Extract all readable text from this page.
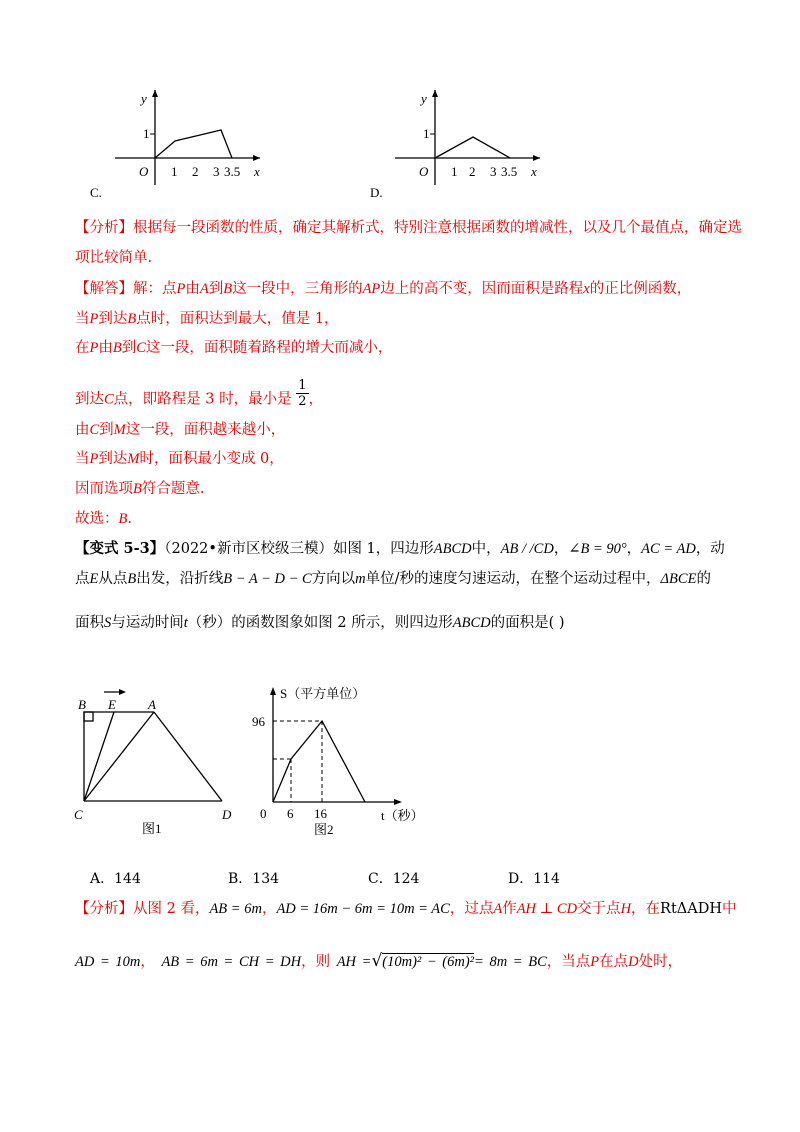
y
1
O 1 2 3 3.5 x
C.
y
1
O 1 2 3 3.5 x
D.
【分析】根据每一段函数的性质，确定其解析式，特别注意根据函数的增减性，以及几个最值点，确定选
项比较简单.
【解答】解：点P由A到B这一段中，三角形的AP边上的高不变，因而面积是路程x的正比例函数，
当P到达B点时，面积达到最大，值是 1，
在P由B到C这一段，面积随着路程的增大而减小，
到达C点，即路程是 3 时，最小是 $\frac{1}{2}$ ，
由C到M这一段，面积越来越小，
当P到达M时，面积最小变成 0，
因而选项B符合题意.
故选：B.
【变式 5-3】（2022•新市区校级三模）如图 1，四边形ABCD中，AB / /CD，∠B = 90°，AC = AD，动
点E从点B出发，沿折线B − A − D − C方向以m单位/秒的速度匀速运动，在整个运动过程中，ΔBCE的
面积S与运动时间t（秒）的函数图象如图 2 所示，则四边形ABCD的面积是( )
B E A
C	D
图1
S（平方单位）
96
0 6 16	t（秒）
图2
A．144	B．134	C．124	D．114
【分析】从图 2 看，AB = 6m，AD = 16m − 6m = 10m = AC，过点A作AH ⊥ CD交于点H，在RtΔADH中
AD = 10m， AB = 6m = CH = DH，则 AH =√(10m)² − (6m)²= 8m = BC，当点P在点D处时，
